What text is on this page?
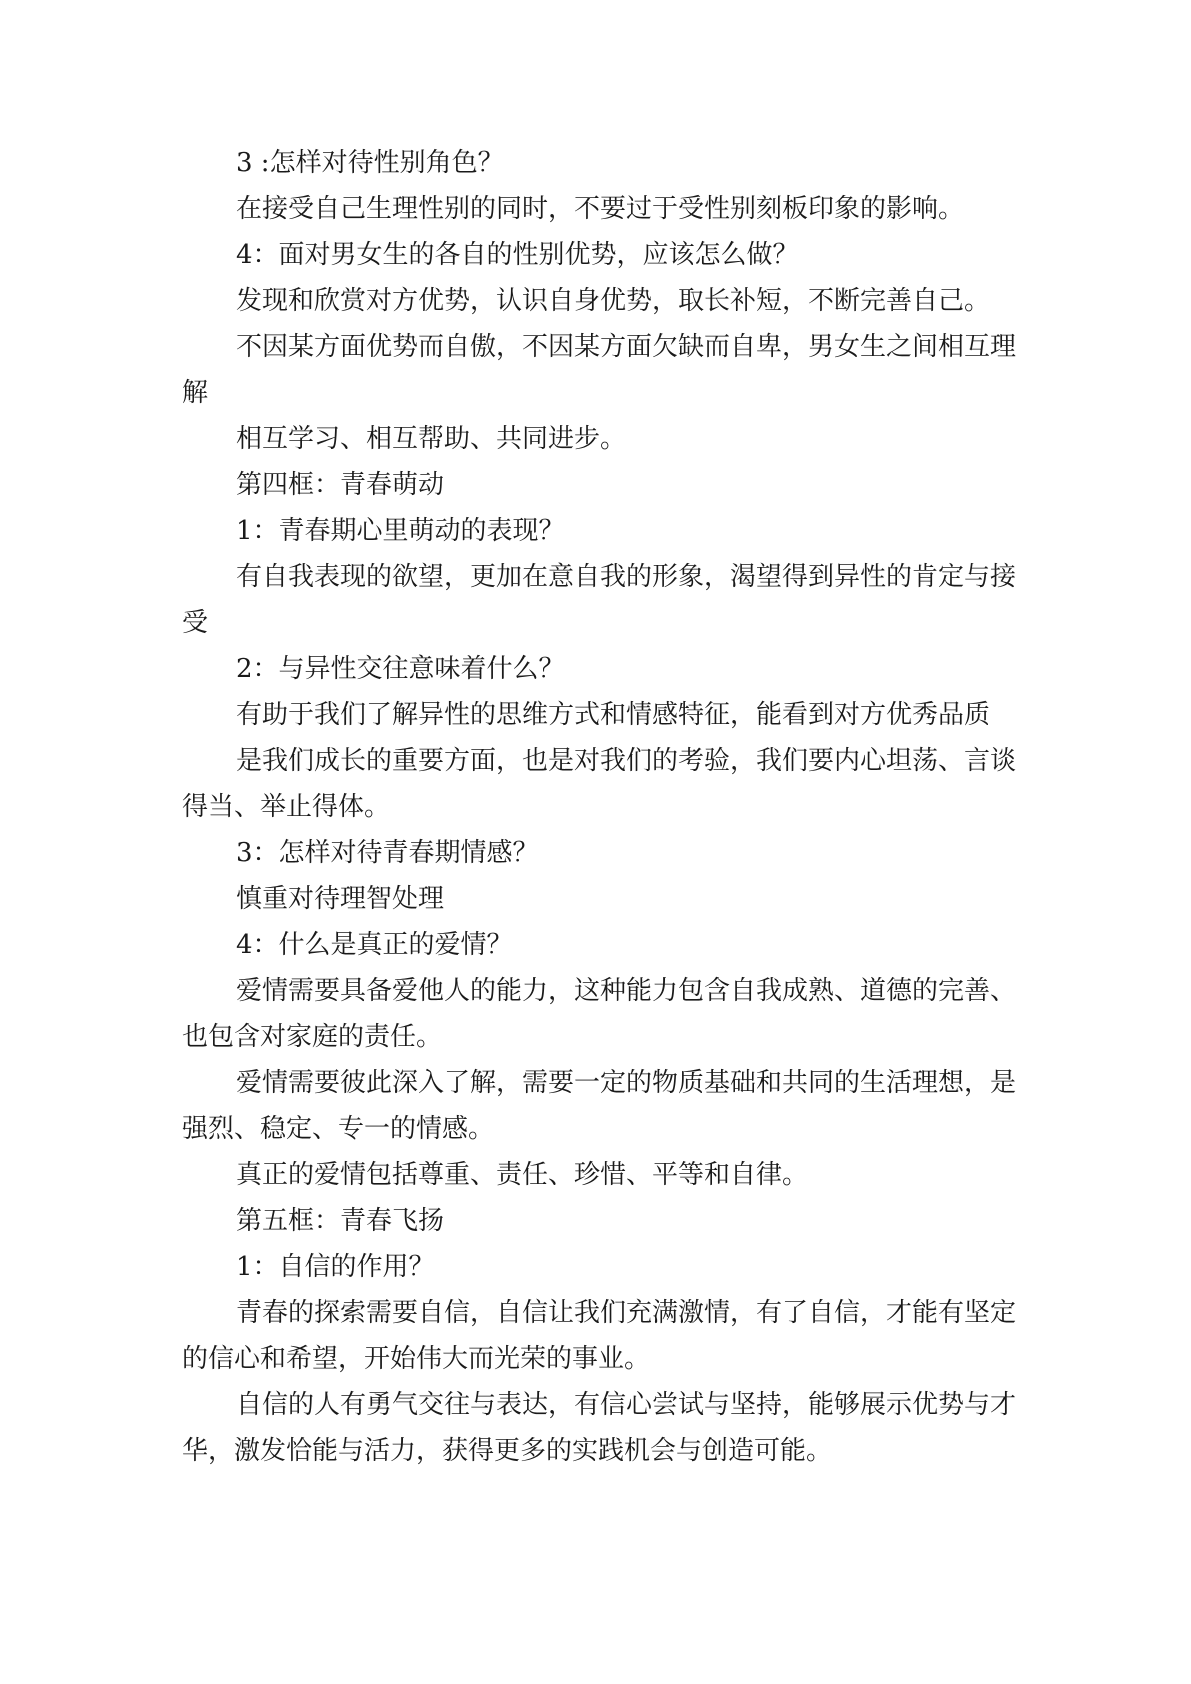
3 :怎样对待性别角色？

在接受自己生理性别的同时，不要过于受性别刻板印象的影响。

4：面对男女生的各自的性别优势，应该怎么做？

发现和欣赏对方优势，认识自身优势，取长补短，不断完善自己。

不因某方面优势而自傲，不因某方面欠缺而自卑，男女生之间相互理解

相互学习、相互帮助、共同进步。

第四框：青春萌动

1：青春期心里萌动的表现？

有自我表现的欲望，更加在意自我的形象，渴望得到异性的肯定与接受

2：与异性交往意味着什么？

有助于我们了解异性的思维方式和情感特征，能看到对方优秀品质

是我们成长的重要方面，也是对我们的考验，我们要内心坦荡、言谈得当、举止得体。

3：怎样对待青春期情感？

慎重对待理智处理

4：什么是真正的爱情？

爱情需要具备爱他人的能力，这种能力包含自我成熟、道德的完善、也包含对家庭的责任。

爱情需要彼此深入了解，需要一定的物质基础和共同的生活理想，是强烈、稳定、专一的情感。

真正的爱情包括尊重、责任、珍惜、平等和自律。

第五框：青春飞扬

1：自信的作用？

青春的探索需要自信，自信让我们充满激情，有了自信，才能有坚定的信心和希望，开始伟大而光荣的事业。

自信的人有勇气交往与表达，有信心尝试与坚持，能够展示优势与才华，激发恰能与活力，获得更多的实践机会与创造可能。
